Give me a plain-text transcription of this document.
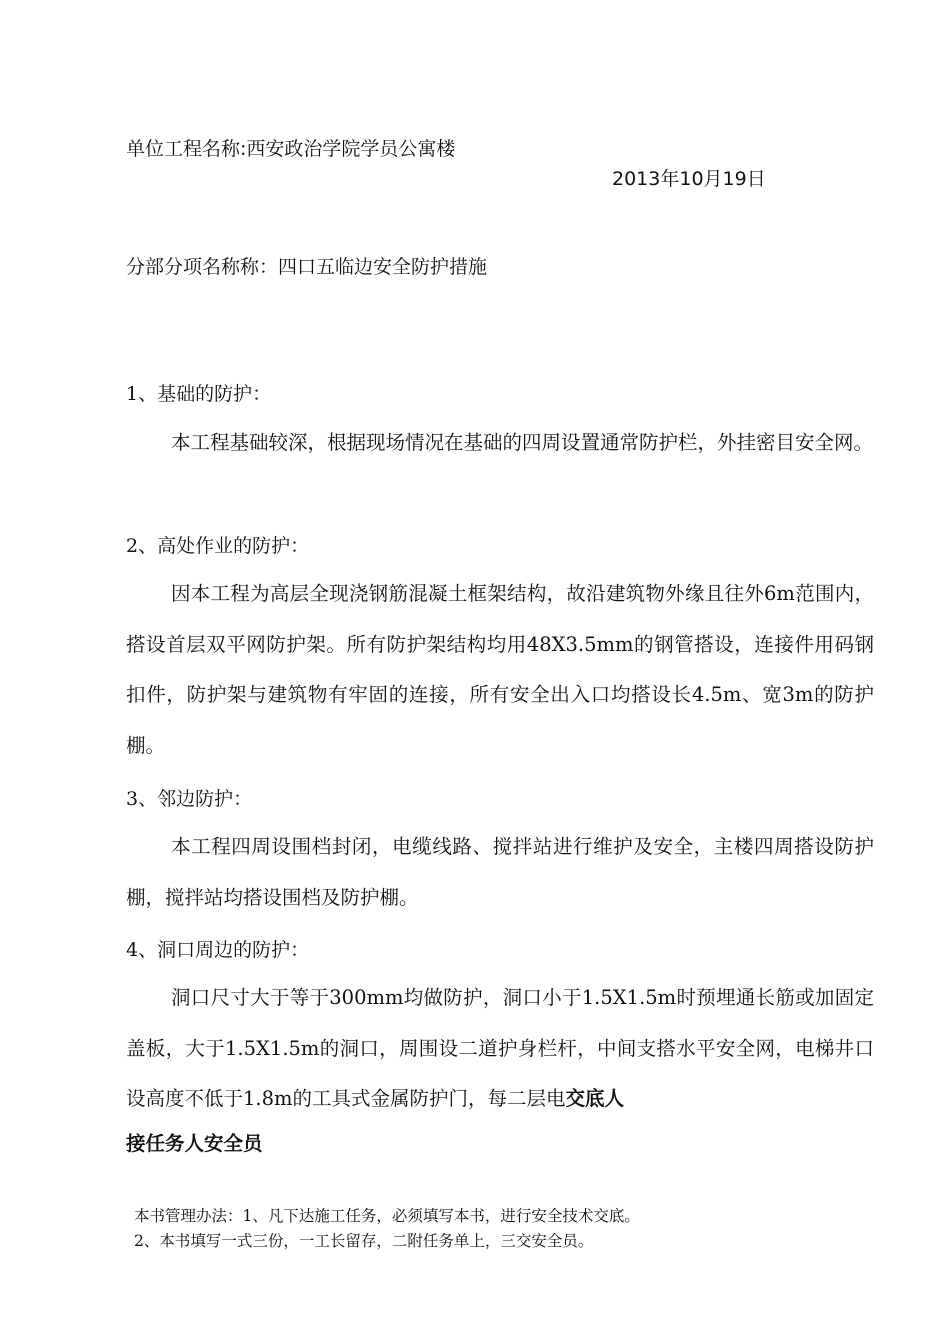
单位工程名称:西安政治学院学员公寓楼
2013年10月19日
分部分项名称称：四口五临边安全防护措施
1、基础的防护：

本工程基础较深，根据现场情况在基础的四周设置通常防护栏，外挂密目安全网。

2、高处作业的防护：

因本工程为高层全现浇钢筋混凝土框架结构，故沿建筑物外缘且往外6m范围内，搭设首层双平网防护架。所有防护架结构均用48X3.5mm的钢管搭设，连接件用码钢扣件，防护架与建筑物有牢固的连接，所有安全出入口均搭设长4.5m、宽3m的防护棚。

3、邻边防护：

本工程四周设围档封闭，电缆线路、搅拌站进行维护及安全，主楼四周搭设防护棚，搅拌站均搭设围档及防护棚。

4、洞口周边的防护：

洞口尺寸大于等于300mm均做防护，洞口小于1.5X1.5m时预埋通长筋或加固定盖板，大于1.5X1.5m的洞口，周围设二道护身栏杆，中间支搭水平安全网，电梯井口设高度不低于1.8m的工具式金属防护门，每二层电交底人

接任务人安全员
本书管理办法：1、凡下达施工任务，必须填写本书，进行安全技术交底。
2、本书填写一式三份，一工长留存，二附任务单上，三交安全员。
